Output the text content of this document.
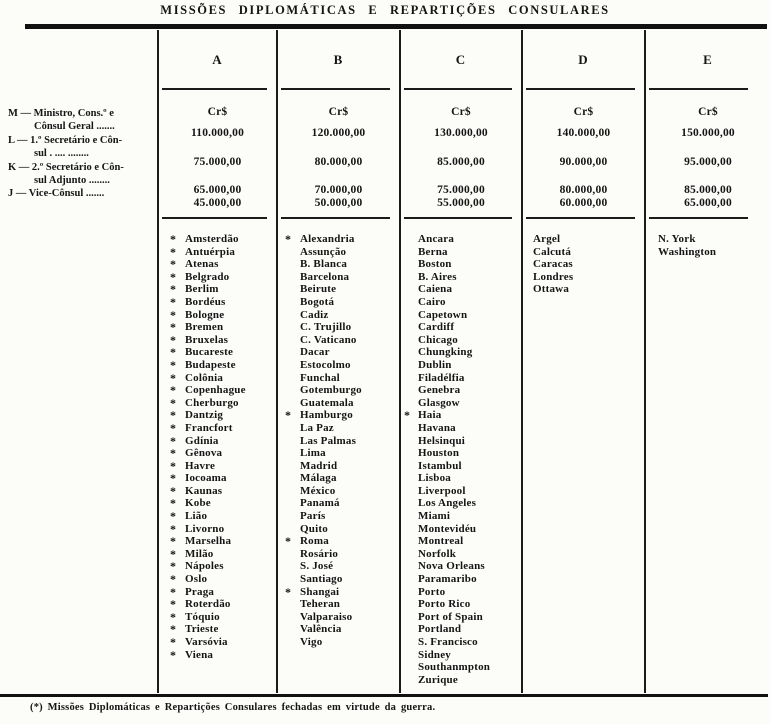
MISSÕES DIPLOMÁTICAS E REPARTIÇÕES CONSULARES
M — Ministro, Cons.º e
Cônsul Geral .......
L — 1.º Secretário e Côn-
sul . .... ........
K — 2.º Secretário e Côn-
sul Adjunto ........
J — Vice-Cônsul .......
A
Cr$
110.000,00
75.000,00
65.000,00
45.000,00
* Amsterdão
* Antuérpia
* Atenas
* Belgrado
* Berlim
* Bordéus
* Bologne
* Bremen
* Bruxelas
* Bucareste
* Budapeste
* Colônia
* Copenhague
* Cherburgo
* Dantzig
* Francfort
* Gdínia
* Gênova
* Havre
* Iocoama
* Kaunas
* Kobe
* Lião
* Livorno
* Marselha
* Milão
* Nápoles
* Oslo
* Praga
* Roterdão
* Tóquio
* Trieste
* Varsóvia
* Viena
B
Cr$
120.000,00
80.000,00
70.000,00
50.000,00
* Alexandria
Assunção
B. Blanca
Barcelona
Beirute
Bogotá
Cadiz
C. Trujillo
C. Vaticano
Dacar
Estocolmo
Funchal
Gotemburgo
Guatemala
* Hamburgo
La Paz
Las Palmas
Lima
Madrid
Málaga
México
Panamá
París
Quito
* Roma
Rosário
S. José
Santiago
* Shangai
Teheran
Valparaiso
Valência
Vigo
C
Cr$
130.000,00
85.000,00
75.000,00
55.000,00
Ancara
Berna
Boston
B. Aires
Caiena
Cairo
Capetown
Cardiff
Chicago
Chungking
Dublin
Filadélfia
Genebra
Glasgow
* Haia
Havana
Helsinqui
Houston
Istambul
Lisboa
Liverpool
Los Angeles
Miami
Montevidéu
Montreal
Norfolk
Nova Orleans
Paramaribo
Porto
Porto Rico
Port of Spain
Portland
S. Francisco
Sidney
Southanmpton
Zurique
D
Cr$
140.000,00
90.000,00
80.000,00
60.000,00
Argel
Calcutá
Caracas
Londres
Ottawa
E
Cr$
150.000,00
95.000,00
85.000,00
65.000,00
N. York
Washington
(*) Missões Diplomáticas e Repartições Consulares fechadas em virtude da guerra.
